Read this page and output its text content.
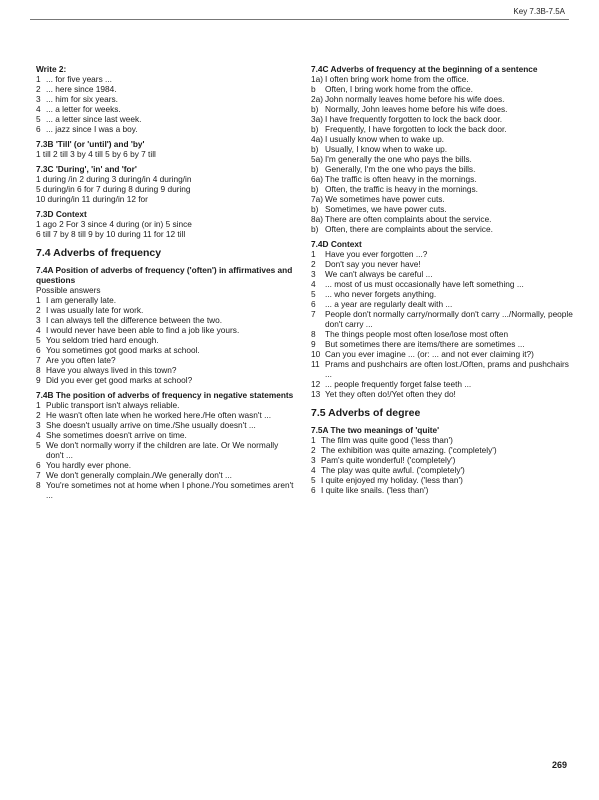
Key 7.3B-7.5A
Write 2:
1 ... for five years ...
2 ... here since 1984.
3 ... him for six years.
4 ... a letter for weeks.
5 ... a letter since last week.
6 ... jazz since I was a boy.
7.3B 'Till' (or 'until') and 'by'
1 till 2 till 3 by 4 till 5 by 6 by 7 till
7.3C 'During', 'in' and 'for'
1 during /in 2 during 3 during/in 4 during/in
5 during/in 6 for 7 during 8 during 9 during
10 during/in 11 during/in 12 for
7.3D Context
1 ago 2 For 3 since 4 during (or in) 5 since
6 till 7 by 8 till 9 by 10 during 11 for 12 till
7.4 Adverbs of frequency
7.4A Position of adverbs of frequency ('often') in affirmatives and questions
Possible answers
1 I am generally late.
2 I was usually late for work.
3 I can always tell the difference between the two.
4 I would never have been able to find a job like yours.
5 You seldom tried hard enough.
6 You sometimes got good marks at school.
7 Are you often late?
8 Have you always lived in this town?
9 Did you ever get good marks at school?
7.4B The position of adverbs of frequency in negative statements
1 Public transport isn't always reliable.
2 He wasn't often late when he worked here./He often wasn't ...
3 She doesn't usually arrive on time./She usually doesn't ...
4 She sometimes doesn't arrive on time.
5 We don't normally worry if the children are late. Or We normally don't ...
6 You hardly ever phone.
7 We don't generally complain./We generally don't ...
8 You're sometimes not at home when I phone./You sometimes aren't ...
7.4C Adverbs of frequency at the beginning of a sentence
1a) I often bring work home from the office.
b	Often, I bring work home from the office.
2a) John normally leaves home before his wife does.
b) Normally, John leaves home before his wife does.
3a) I have frequently forgotten to lock the back door.
b) Frequently, I have forgotten to lock the back door.
4a) I usually know when to wake up.
b) Usually, I know when to wake up.
5a) I'm generally the one who pays the bills.
b) Generally, I'm the one who pays the bills.
6a) The traffic is often heavy in the mornings.
b) Often, the traffic is heavy in the mornings.
7a) We sometimes have power cuts.
b) Sometimes, we have power cuts.
8a) There are often complaints about the service.
b) Often, there are complaints about the service.
7.4D Context
1	Have you ever forgotten ...?
2	Don't say you never have!
3	We can't always be careful ...
4	... most of us must occasionally have left something ...
5	... who never forgets anything.
6	... a year are regularly dealt with ...
7	People don't normally carry/normally don't carry .../Normally, people don't carry ...
8	The things people most often lose/lose most often
9	But sometimes there are items/there are sometimes ...
10 Can you ever imagine ... (or: ... and not ever claiming it?)
11 Prams and pushchairs are often lost./Often, prams and pushchairs ...
12 ... people frequently forget false teeth ...
13 Yet they often do!/Yet often they do!
7.5 Adverbs of degree
7.5A The two meanings of 'quite'
1 The film was quite good ('less than')
2 The exhibition was quite amazing. ('completely')
3 Pam's quite wonderful! ('completely')
4 The play was quite awful. ('completely')
5 I quite enjoyed my holiday. ('less than')
6 I quite like snails. ('less than')
269
